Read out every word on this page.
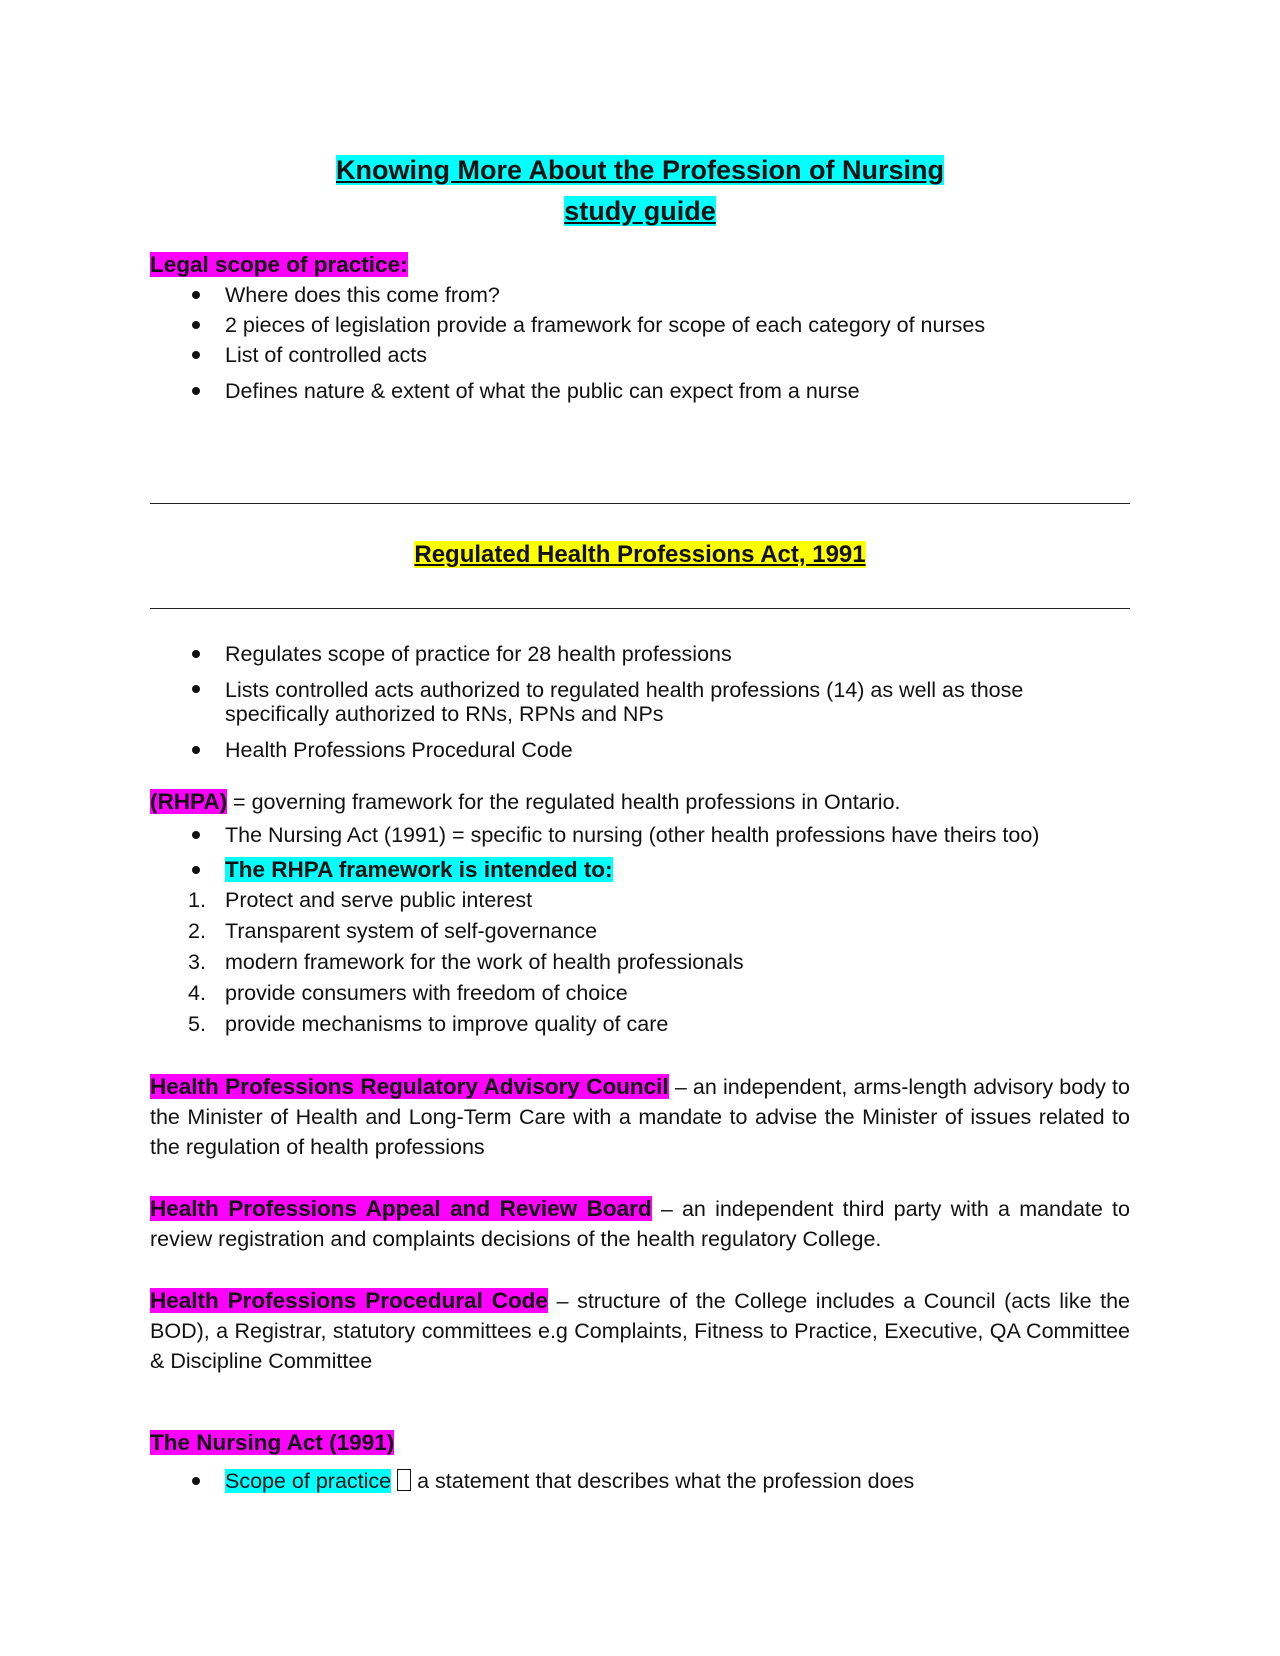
Knowing More About the Profession of Nursing
study guide

Legal scope of practice:

Where does this come from?
2 pieces of legislation provide a framework for scope of each category of nurses
List of controlled acts
Defines nature & extent of what the public can expect from a nurse
Regulated Health Professions Act, 1991
Regulates scope of practice for 28 health professions
Lists controlled acts authorized to regulated health professions (14) as well as those specifically authorized to RNs, RPNs and NPs
Health Professions Procedural Code

(RHPA) = governing framework for the regulated health professions in Ontario.

The Nursing Act (1991) = specific to nursing (other health professions have theirs too)
The RHPA framework is intended to:
1. Protect and serve public interest
2. Transparent system of self-governance
3. modern framework for the work of health professionals
4. provide consumers with freedom of choice
5. provide mechanisms to improve quality of care

Health Professions Regulatory Advisory Council – an independent, arms-length advisory body to the Minister of Health and Long-Term Care with a mandate to advise the Minister of issues related to the regulation of health professions

Health Professions Appeal and Review Board – an independent third party with a mandate to review registration and complaints decisions of the health regulatory College.

Health Professions Procedural Code – structure of the College includes a Council (acts like the BOD), a Registrar, statutory committees e.g Complaints, Fitness to Practice, Executive, QA Committee & Discipline Committee

The Nursing Act (1991)

Scope of practice a statement that describes what the profession does
